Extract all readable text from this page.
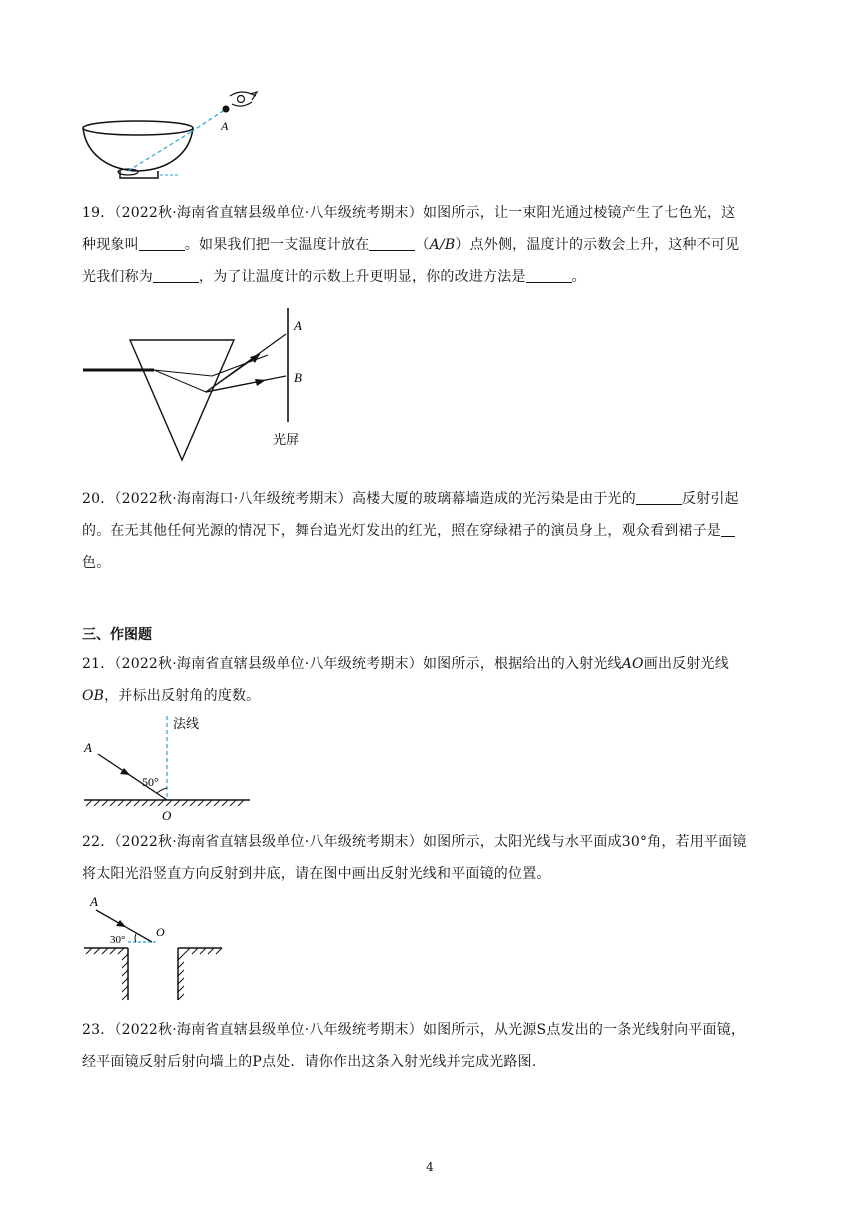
A
19．（2022秋·海南省直辖县级单位·八年级统考期末）如图所示，让一束阳光通过棱镜产生了七色光，这
种现象叫	。如果我们把一支温度计放在	（A/B）点外侧，温度计的示数会上升，这种不可见
光我们称为	，为了让温度计的示数上升更明显，你的改进方法是	。
A
B
光屏
20．（2022秋·海南海口·八年级统考期末）高楼大厦的玻璃幕墙造成的光污染是由于光的	反射引起
的。在无其他任何光源的情况下，舞台追光灯发出的红光，照在穿绿裙子的演员身上，观众看到裙子是
色。
三、作图题
21．（2022秋·海南省直辖县级单位·八年级统考期末）如图所示，根据给出的入射光线AO画出反射光线
OB，并标出反射角的度数。
法线
A
50°
O
22．（2022秋·海南省直辖县级单位·八年级统考期末）如图所示，太阳光线与水平面成30°角，若用平面镜
将太阳光沿竖直方向反射到井底，请在图中画出反射光线和平面镜的位置。
A
30°
O
23．（2022秋·海南省直辖县级单位·八年级统考期末）如图所示，从光源S点发出的一条光线射向平面镜，
经平面镜反射后射向墙上的P点处．请你作出这条入射光线并完成光路图.
4
